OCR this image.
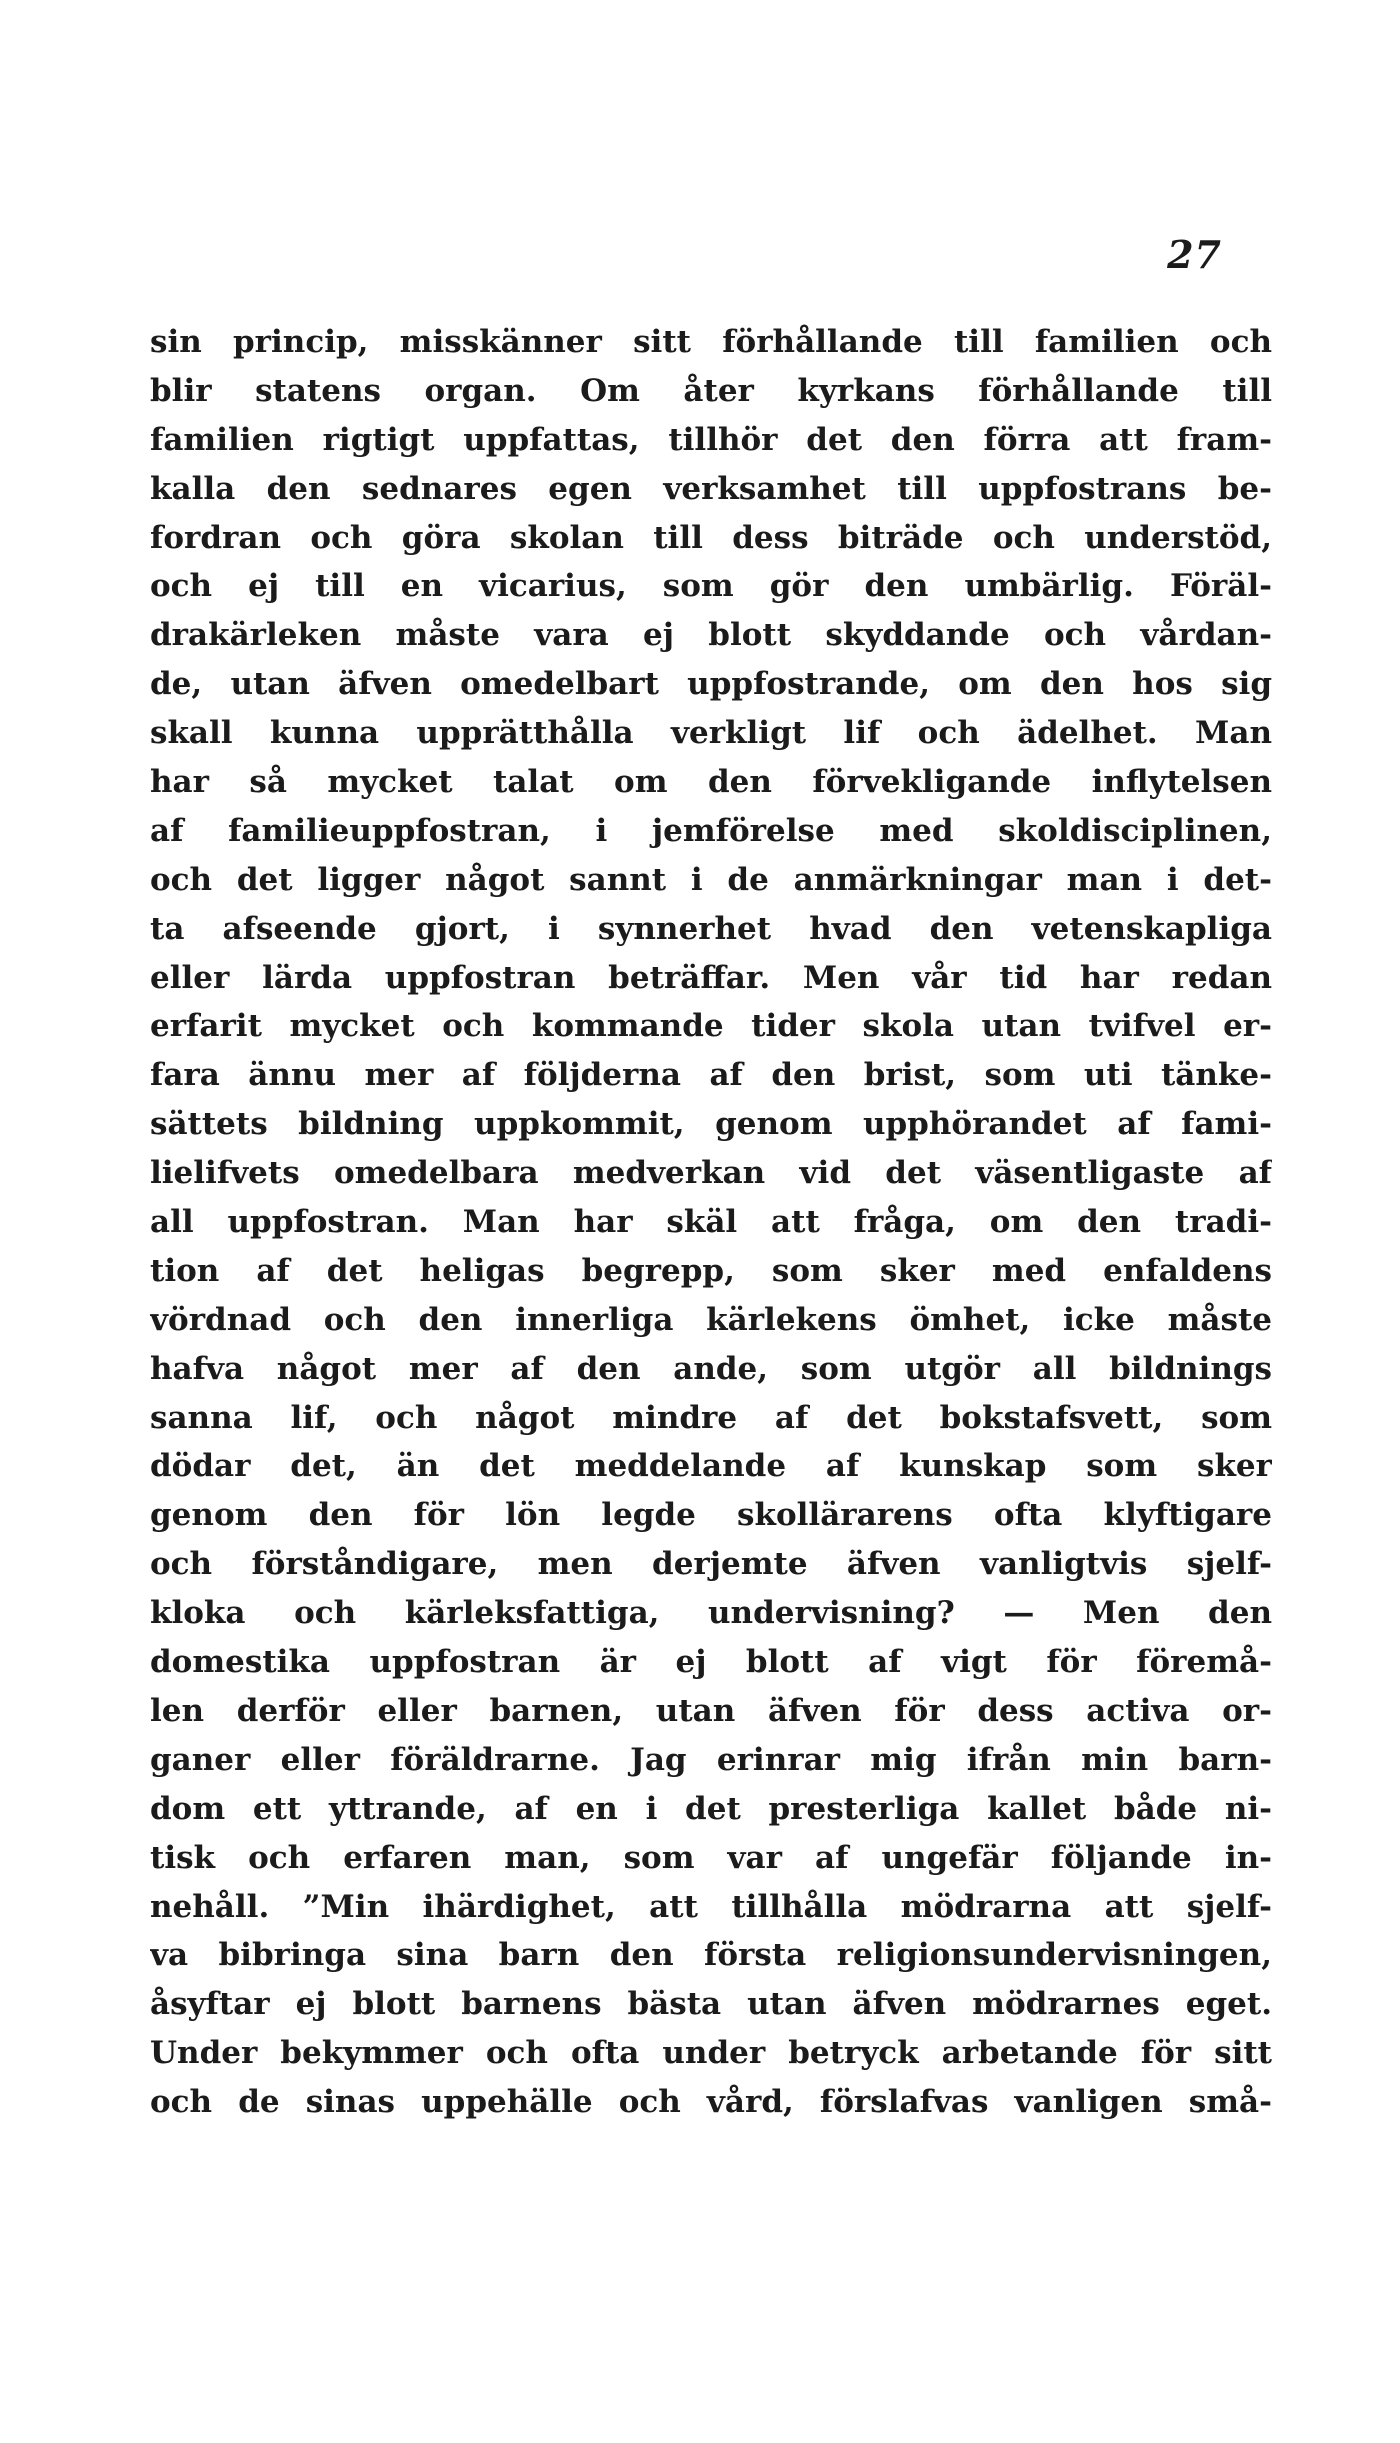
27
sin princip, misskänner sitt förhållande till familien och
blir statens organ. Om åter kyrkans förhållande till
familien rigtigt uppfattas, tillhör det den förra att fram-
kalla den sednares egen verksamhet till uppfostrans be-
fordran och göra skolan till dess biträde och understöd,
och ej till en vicarius, som gör den umbärlig. Föräl-
drakärleken måste vara ej blott skyddande och vårdan-
de, utan äfven omedelbart uppfostrande, om den hos sig
skall kunna upprätthålla verkligt lif och ädelhet. Man
har så mycket talat om den förvekligande inflytelsen
af familieuppfostran, i jemförelse med skoldisciplinen,
och det ligger något sannt i de anmärkningar man i det-
ta afseende gjort, i synnerhet hvad den vetenskapliga
eller lärda uppfostran beträffar. Men vår tid har redan
erfarit mycket och kommande tider skola utan tvifvel er-
fara ännu mer af följderna af den brist, som uti tänke-
sättets bildning uppkommit, genom upphörandet af fami-
lielifvets omedelbara medverkan vid det väsentligaste af
all uppfostran. Man har skäl att fråga, om den tradi-
tion af det heligas begrepp, som sker med enfaldens
vördnad och den innerliga kärlekens ömhet, icke måste
hafva något mer af den ande, som utgör all bildnings
sanna lif, och något mindre af det bokstafsvett, som
dödar det, än det meddelande af kunskap som sker
genom den för lön legde skollärarens ofta klyftigare
och förståndigare, men derjemte äfven vanligtvis sjelf-
kloka och kärleksfattiga, undervisning? — Men den
domestika uppfostran är ej blott af vigt för föremå-
len derför eller barnen, utan äfven för dess activa or-
ganer eller föräldrarne. Jag erinrar mig ifrån min barn-
dom ett yttrande, af en i det presterliga kallet både ni-
tisk och erfaren man, som var af ungefär följande in-
nehåll. ”Min ihärdighet, att tillhålla mödrarna att sjelf-
va bibringa sina barn den första religionsundervisningen,
åsyftar ej blott barnens bästa utan äfven mödrarnes eget.
Under bekymmer och ofta under betryck arbetande för sitt
och de sinas uppehälle och vård, förslafvas vanligen små-
